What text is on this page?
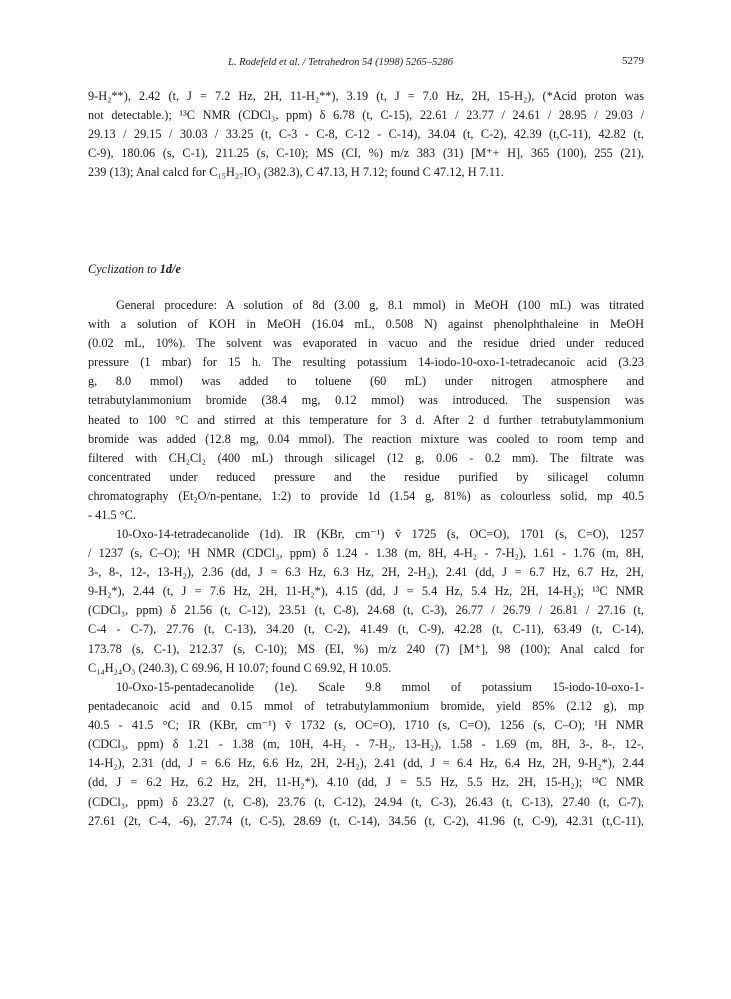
L. Rodefeld et al. / Tetrahedron 54 (1998) 5265–5286	5279
9-H₂**), 2.42 (t, J = 7.2 Hz, 2H, 11-H₂**), 3.19 (t, J = 7.0 Hz, 2H, 15-H₂), (*Acid proton was
not detectable.); ¹³C NMR (CDCl₃, ppm) δ 6.78 (t, C-15), 22.61 / 23.77 / 24.61 / 28.95 / 29.03 /
29.13 / 29.15 / 30.03 / 33.25 (t, C-3 - C-8, C-12 - C-14), 34.04 (t, C-2), 42.39 (t,C-11), 42.82 (t,
C-9), 180.06 (s, C-1), 211.25 (s, C-10); MS (CI, %) m/z 383 (31) [M⁺+ H], 365 (100), 255 (21),
239 (13); Anal calcd for C₁₅H₂₇IO₃ (382.3), C 47.13, H 7.12; found C 47.12, H 7.11.
Cyclization to 1d/e
General procedure: A solution of 8d (3.00 g, 8.1 mmol) in MeOH (100 mL) was titrated
with a solution of KOH in MeOH (16.04 mL, 0.508 N) against phenolphthaleine in MeOH
(0.02 mL, 10%). The solvent was evaporated in vacuo and the residue dried under reduced
pressure (1 mbar) for 15 h. The resulting potassium 14-iodo-10-oxo-1-tetradecanoic acid (3.23
g, 8.0 mmol) was added to toluene (60 mL) under nitrogen atmosphere and
tetrabutylammonium bromide (38.4 mg, 0.12 mmol) was introduced. The suspension was
heated to 100 °C and stirred at this temperature for 3 d. After 2 d further tetrabutylammonium
bromide was added (12.8 mg, 0.04 mmol). The reaction mixture was cooled to room temp and
filtered with CH₂Cl₂ (400 mL) through silicagel (12 g, 0.06 - 0.2 mm). The filtrate was
concentrated under reduced pressure and the residue purified by silicagel column
chromatography (Et₂O/n-pentane, 1:2) to provide 1d (1.54 g, 81%) as colourless solid, mp 40.5
- 41.5 °C.
10-Oxo-14-tetradecanolide (1d). IR (KBr, cm⁻¹) ṽ 1725 (s, OC=O), 1701 (s, C=O), 1257
/ 1237 (s, C–O); ¹H NMR (CDCl₃, ppm) δ 1.24 - 1.38 (m, 8H, 4-H₂ - 7-H₂), 1.61 - 1.76 (m, 8H,
3-, 8-, 12-, 13-H₂), 2.36 (dd, J = 6.3 Hz, 6.3 Hz, 2H, 2-H₂), 2.41 (dd, J = 6.7 Hz, 6.7 Hz, 2H,
9-H₂*), 2.44 (t, J = 7.6 Hz, 2H, 11-H₂*), 4.15 (dd, J = 5.4 Hz, 5.4 Hz, 2H, 14-H₂); ¹³C NMR
(CDCl₃, ppm) δ 21.56 (t, C-12), 23.51 (t, C-8), 24.68 (t, C-3), 26.77 / 26.79 / 26.81 / 27.16 (t,
C-4 - C-7), 27.76 (t, C-13), 34.20 (t, C-2), 41.49 (t, C-9), 42.28 (t, C-11), 63.49 (t, C-14),
173.78 (s, C-1), 212.37 (s, C-10); MS (EI, %) m/z 240 (7) [M⁺], 98 (100); Anal calcd for
C₁₄H₂₄O₃ (240.3), C 69.96, H 10.07; found C 69.92, H 10.05.
10-Oxo-15-pentadecanolide (1e). Scale 9.8 mmol of potassium 15-iodo-10-oxo-1-
pentadecanoic acid and 0.15 mmol of tetrabutylammonium bromide, yield 85% (2.12 g), mp
40.5 - 41.5 °C; IR (KBr, cm⁻¹) ṽ 1732 (s, OC=O), 1710 (s, C=O), 1256 (s, C–O); ¹H NMR
(CDCl₃, ppm) δ 1.21 - 1.38 (m, 10H, 4-H₂ - 7-H₂, 13-H₂), 1.58 - 1.69 (m, 8H, 3-, 8-, 12-,
14-H₂), 2.31 (dd, J = 6.6 Hz, 6.6 Hz, 2H, 2-H₂), 2.41 (dd, J = 6.4 Hz, 6.4 Hz, 2H, 9-H₂*), 2.44
(dd, J = 6.2 Hz, 6.2 Hz, 2H, 11-H₂*), 4.10 (dd, J = 5.5 Hz, 5.5 Hz, 2H, 15-H₂); ¹³C NMR
(CDCl₃, ppm) δ 23.27 (t, C-8), 23.76 (t, C-12), 24.94 (t, C-3), 26.43 (t, C-13), 27.40 (t, C-7),
27.61 (2t, C-4, -6), 27.74 (t, C-5), 28.69 (t, C-14), 34.56 (t, C-2), 41.96 (t, C-9), 42.31 (t,C-11),
